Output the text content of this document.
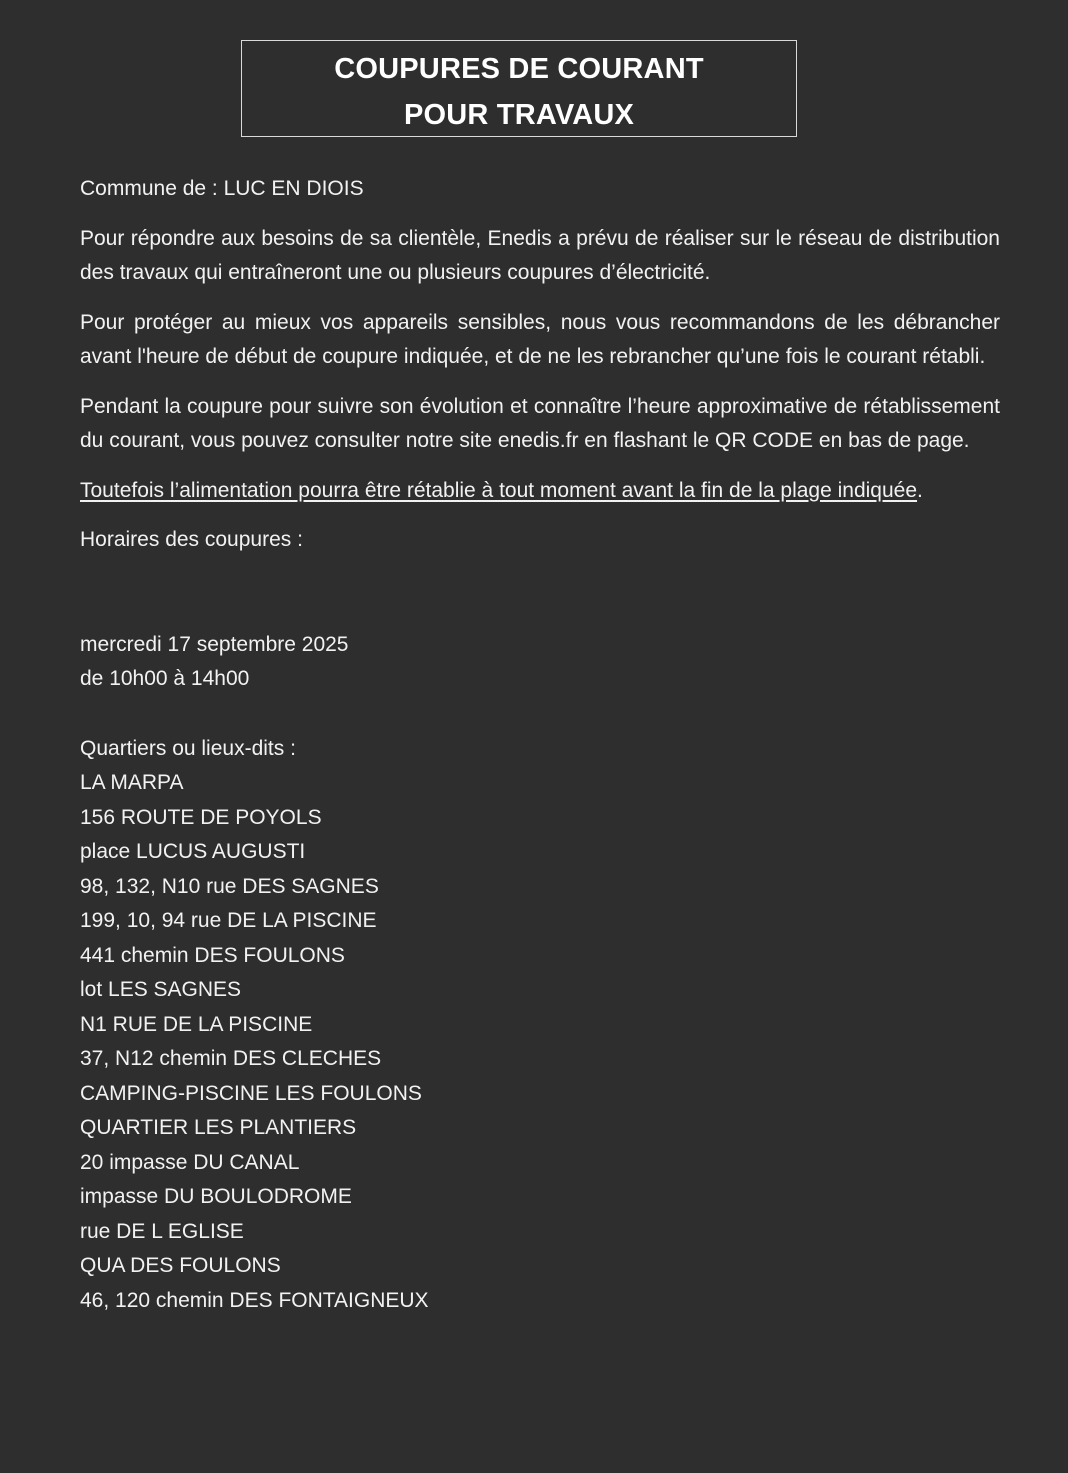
COUPURES DE COURANT
POUR TRAVAUX

Commune de : LUC EN DIOIS

Pour répondre aux besoins de sa clientèle, Enedis a prévu de réaliser sur le réseau de distribution des travaux qui entraîneront une ou plusieurs coupures d’électricité.

Pour protéger au mieux vos appareils sensibles, nous vous recommandons de les débrancher avant l'heure de début de coupure indiquée, et de ne les rebrancher qu’une fois le courant rétabli.

Pendant la coupure pour suivre son évolution et connaître l’heure approximative de rétablissement du courant, vous pouvez consulter notre site enedis.fr en flashant le QR CODE en bas de page.

Toutefois l’alimentation pourra être rétablie à tout moment avant la fin de la plage indiquée.

Horaires des coupures :

mercredi 17 septembre 2025
de 10h00 à 14h00
Quartiers ou lieux-dits :
LA MARPA
156 ROUTE DE POYOLS
place LUCUS AUGUSTI
98, 132, N10 rue DES SAGNES
199, 10, 94 rue DE LA PISCINE
441 chemin DES FOULONS
lot LES SAGNES
N1 RUE DE LA PISCINE
37, N12 chemin DES CLECHES
CAMPING-PISCINE LES FOULONS
QUARTIER LES PLANTIERS
20 impasse DU CANAL
impasse DU BOULODROME
rue DE L EGLISE
QUA DES FOULONS
46, 120 chemin DES FONTAIGNEUX
